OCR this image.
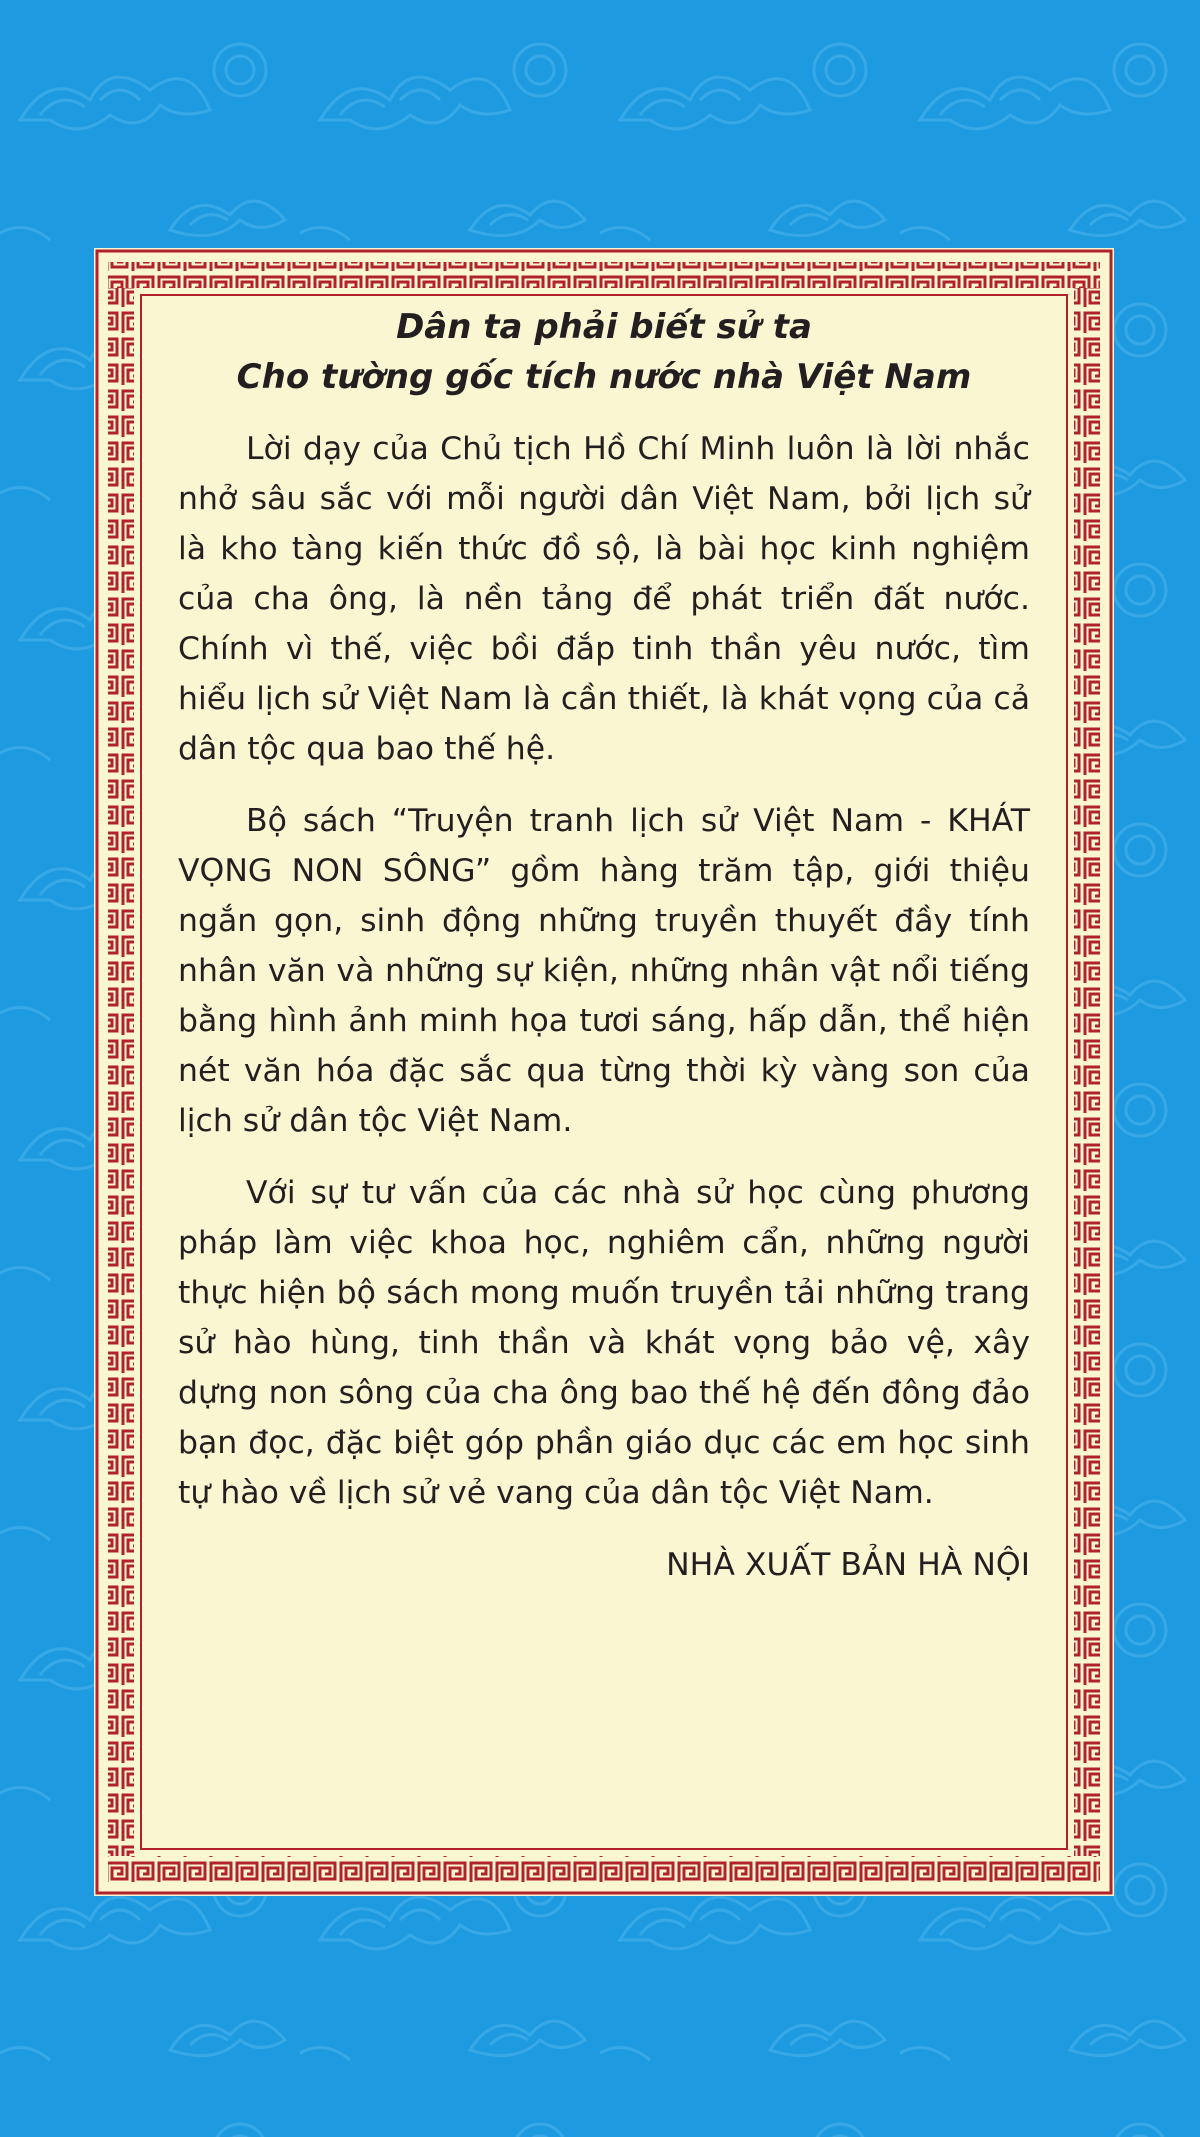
Dân ta phải biết sử ta
Cho tường gốc tích nước nhà Việt Nam

Lời dạy của Chủ tịch Hồ Chí Minh luôn là lời nhắc nhở sâu sắc với mỗi người dân Việt Nam, bởi lịch sử là kho tàng kiến thức đồ sộ, là bài học kinh nghiệm của cha ông, là nền tảng để phát triển đất nước. Chính vì thế, việc bồi đắp tinh thần yêu nước, tìm hiểu lịch sử Việt Nam là cần thiết, là khát vọng của cả dân tộc qua bao thế hệ.

Bộ sách “Truyện tranh lịch sử Việt Nam - KHÁT VỌNG NON SÔNG” gồm hàng trăm tập, giới thiệu ngắn gọn, sinh động những truyền thuyết đầy tính nhân văn và những sự kiện, những nhân vật nổi tiếng bằng hình ảnh minh họa tươi sáng, hấp dẫn, thể hiện nét văn hóa đặc sắc qua từng thời kỳ vàng son của lịch sử dân tộc Việt Nam.

Với sự tư vấn của các nhà sử học cùng phương pháp làm việc khoa học, nghiêm cẩn, những người thực hiện bộ sách mong muốn truyền tải những trang sử hào hùng, tinh thần và khát vọng bảo vệ, xây dựng non sông của cha ông bao thế hệ đến đông đảo bạn đọc, đặc biệt góp phần giáo dục các em học sinh tự hào về lịch sử vẻ vang của dân tộc Việt Nam.

NHÀ XUẤT BẢN HÀ NỘI
